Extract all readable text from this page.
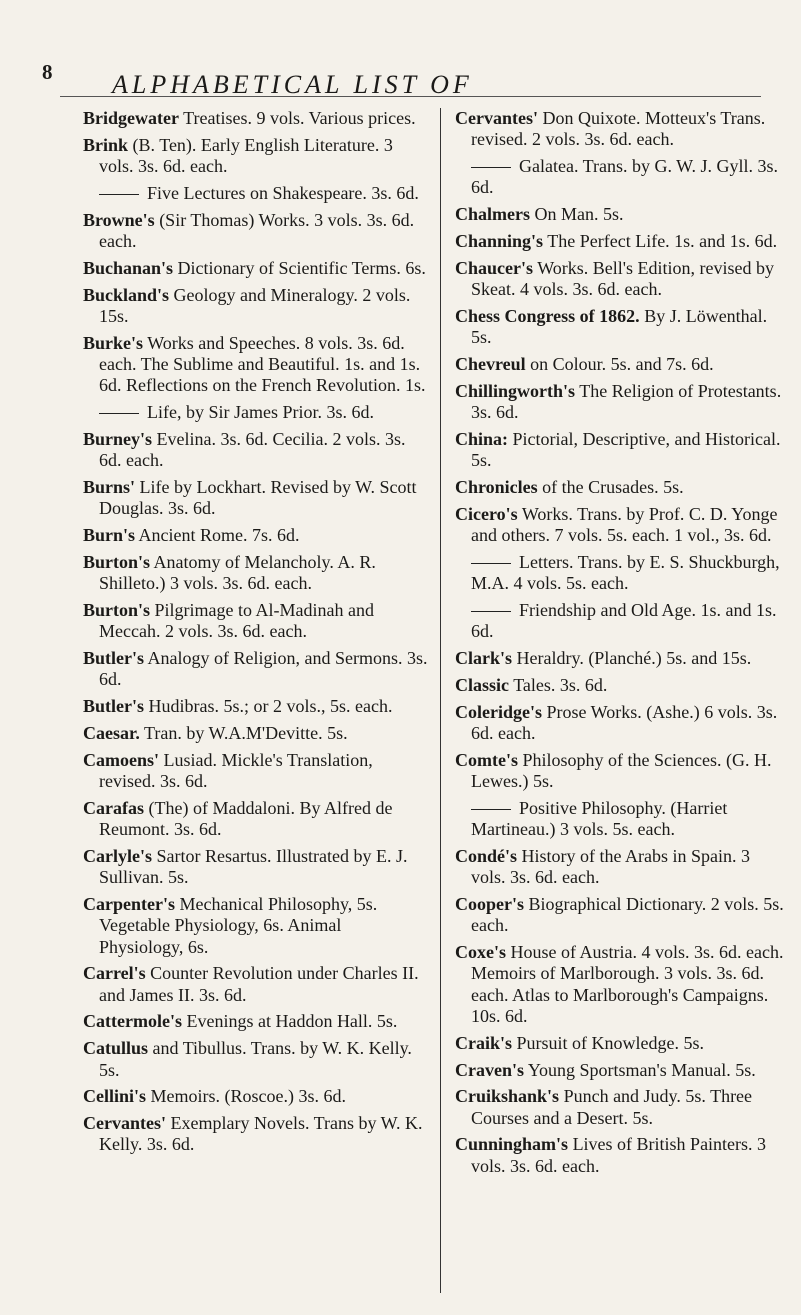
8 ALPHABETICAL LIST OF

Bridgewater Treatises. 9 vols. Various prices.

Brink (B. Ten). Early English Literature. 3 vols. 3s. 6d. each.

Five Lectures on Shakespeare. 3s. 6d.

Browne's (Sir Thomas) Works. 3 vols. 3s. 6d. each.

Buchanan's Dictionary of Scientific Terms. 6s.

Buckland's Geology and Mineralogy. 2 vols. 15s.

Burke's Works and Speeches. 8 vols. 3s. 6d. each. The Sublime and Beautiful. 1s. and 1s. 6d. Reflections on the French Revolution. 1s.

Life, by Sir James Prior. 3s. 6d.

Burney's Evelina. 3s. 6d. Cecilia. 2 vols. 3s. 6d. each.

Burns' Life by Lockhart. Revised by W. Scott Douglas. 3s. 6d.

Burn's Ancient Rome. 7s. 6d.

Burton's Anatomy of Melancholy. A. R. Shilleto.) 3 vols. 3s. 6d. each.

Burton's Pilgrimage to Al-Madinah and Meccah. 2 vols. 3s. 6d. each.

Butler's Analogy of Religion, and Sermons. 3s. 6d.

Butler's Hudibras. 5s.; or 2 vols., 5s. each.

Caesar. Tran. by W.A.M'Devitte. 5s.

Camoens' Lusiad. Mickle's Translation, revised. 3s. 6d.

Carafas (The) of Maddaloni. By Alfred de Reumont. 3s. 6d.

Carlyle's Sartor Resartus. Illustrated by E. J. Sullivan. 5s.

Carpenter's Mechanical Philosophy, 5s. Vegetable Physiology, 6s. Animal Physiology, 6s.

Carrel's Counter Revolution under Charles II. and James II. 3s. 6d.

Cattermole's Evenings at Haddon Hall. 5s.

Catullus and Tibullus. Trans. by W. K. Kelly. 5s.

Cellini's Memoirs. (Roscoe.) 3s. 6d.

Cervantes' Exemplary Novels. Trans by W. K. Kelly. 3s. 6d.

Cervantes' Don Quixote. Motteux's Trans. revised. 2 vols. 3s. 6d. each.

Galatea. Trans. by G. W. J. Gyll. 3s. 6d.

Chalmers On Man. 5s.

Channing's The Perfect Life. 1s. and 1s. 6d.

Chaucer's Works. Bell's Edition, revised by Skeat. 4 vols. 3s. 6d. each.

Chess Congress of 1862. By J. Löwenthal. 5s.

Chevreul on Colour. 5s. and 7s. 6d.

Chillingworth's The Religion of Protestants. 3s. 6d.

China: Pictorial, Descriptive, and Historical. 5s.

Chronicles of the Crusades. 5s.

Cicero's Works. Trans. by Prof. C. D. Yonge and others. 7 vols. 5s. each. 1 vol., 3s. 6d.

Letters. Trans. by E. S. Shuckburgh, M.A. 4 vols. 5s. each.

Friendship and Old Age. 1s. and 1s. 6d.

Clark's Heraldry. (Planché.) 5s. and 15s.

Classic Tales. 3s. 6d.

Coleridge's Prose Works. (Ashe.) 6 vols. 3s. 6d. each.

Comte's Philosophy of the Sciences. (G. H. Lewes.) 5s.

Positive Philosophy. (Harriet Martineau.) 3 vols. 5s. each.

Condé's History of the Arabs in Spain. 3 vols. 3s. 6d. each.

Cooper's Biographical Dictionary. 2 vols. 5s. each.

Coxe's House of Austria. 4 vols. 3s. 6d. each. Memoirs of Marlborough. 3 vols. 3s. 6d. each. Atlas to Marlborough's Campaigns. 10s. 6d.

Craik's Pursuit of Knowledge. 5s.

Craven's Young Sportsman's Manual. 5s.

Cruikshank's Punch and Judy. 5s. Three Courses and a Desert. 5s.

Cunningham's Lives of British Painters. 3 vols. 3s. 6d. each.
